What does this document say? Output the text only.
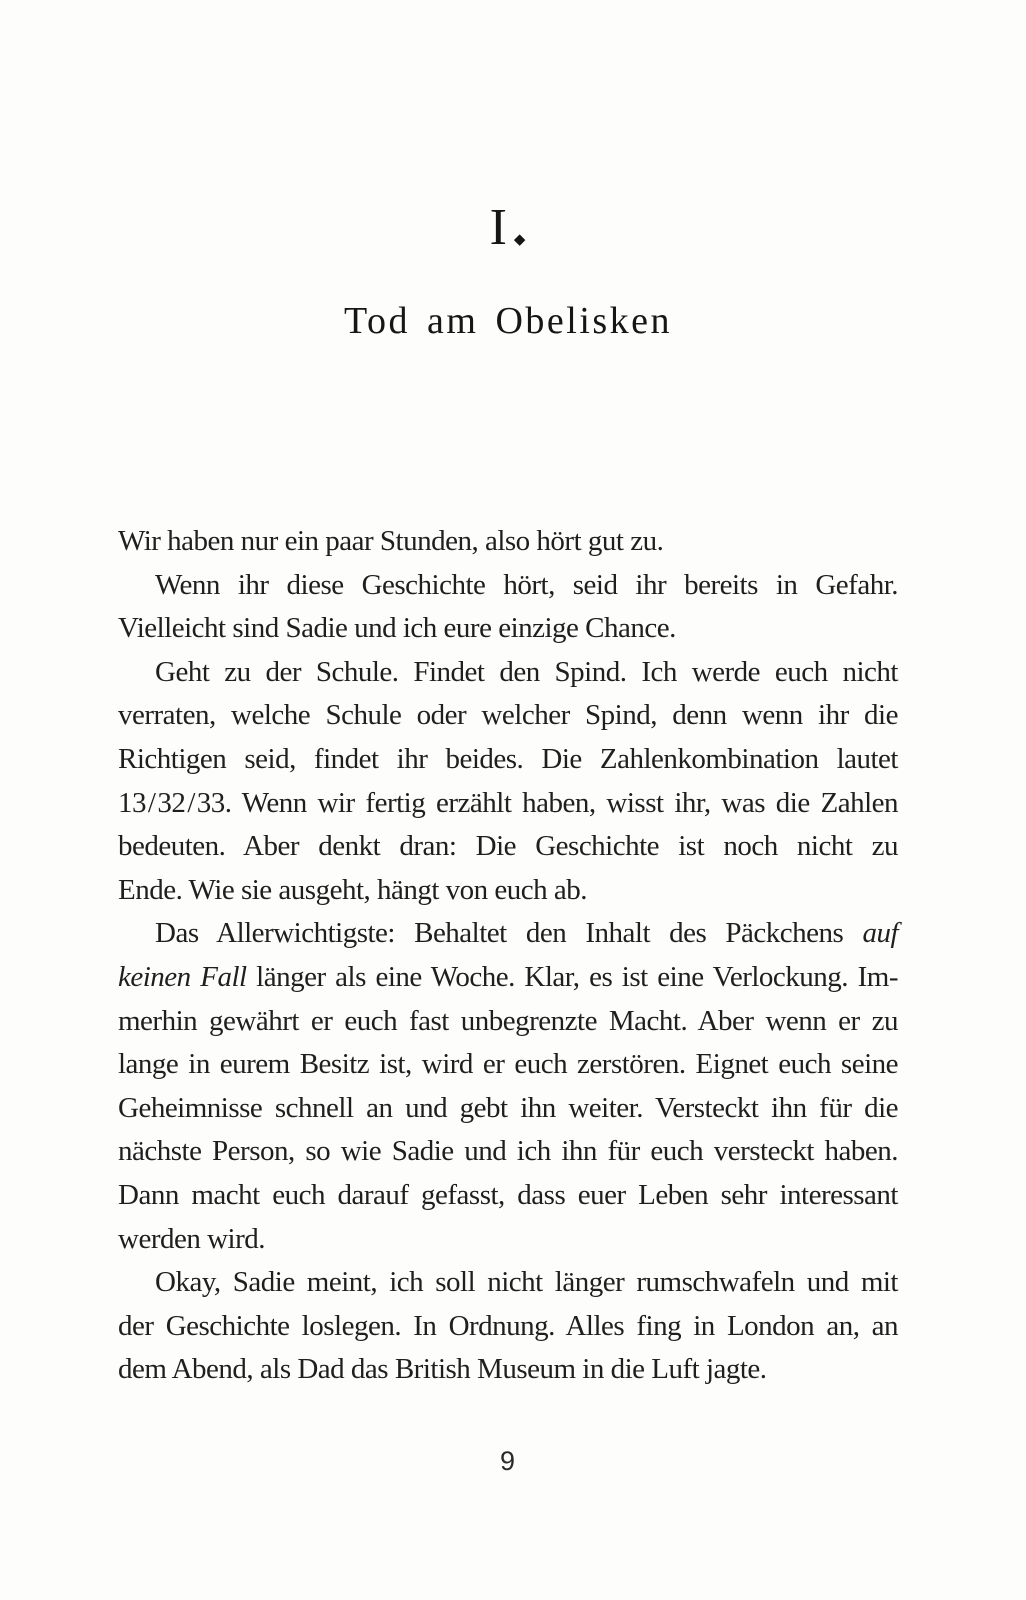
I ◆
Tod am Obelisken
Wir haben nur ein paar Stunden, also hört gut zu.
Wenn ihr diese Geschichte hört, seid ihr bereits in Gefahr.
Vielleicht sind Sadie und ich eure einzige Chance.
Geht zu der Schule. Findet den Spind. Ich werde euch nicht
verraten, welche Schule oder welcher Spind, denn wenn ihr die
Richtigen seid, findet ihr beides. Die Zahlenkombination lautet
13 / 32 / 33. Wenn wir fertig erzählt haben, wisst ihr, was die Zahlen
bedeuten. Aber denkt dran: Die Geschichte ist noch nicht zu
Ende. Wie sie ausgeht, hängt von euch ab.
Das Allerwichtigste: Behaltet den Inhalt des Päckchens auf
keinen Fall länger als eine Woche. Klar, es ist eine Verlockung. Im-
merhin gewährt er euch fast unbegrenzte Macht. Aber wenn er zu
lange in eurem Besitz ist, wird er euch zerstören. Eignet euch seine
Geheimnisse schnell an und gebt ihn weiter. Versteckt ihn für die
nächste Person, so wie Sadie und ich ihn für euch versteckt haben.
Dann macht euch darauf gefasst, dass euer Leben sehr interessant
werden wird.
Okay, Sadie meint, ich soll nicht länger rumschwafeln und mit
der Geschichte loslegen. In Ordnung. Alles fing in London an, an
dem Abend, als Dad das British Museum in die Luft jagte.
9
